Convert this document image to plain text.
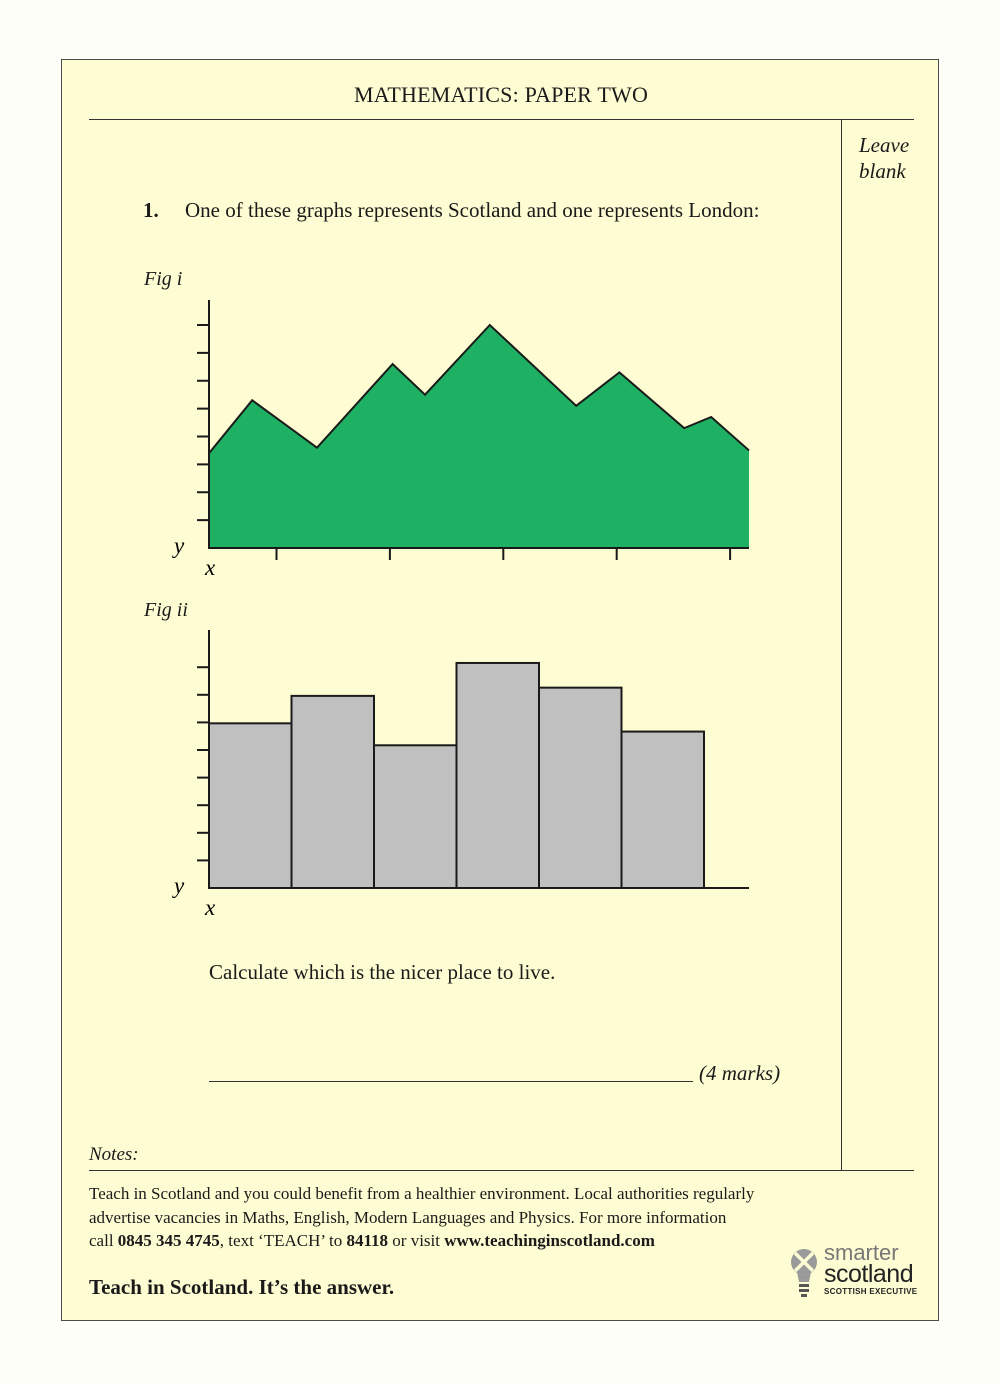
MATHEMATICS: PAPER TWO
Leave
blank
1. One of these graphs represents Scotland and one represents London:
Fig i
y
x
Fig ii
y
x
Calculate which is the nicer place to live.
(4 marks)
Notes:
Teach in Scotland and you could benefit from a healthier environment. Local authorities regularly
advertise vacancies in Maths, English, Modern Languages and Physics. For more information
call 0845 345 4745, text ‘TEACH’ to 84118 or visit www.teachinginscotland.com
Teach in Scotland. It’s the answer.
smarter
scotland
SCOTTISH EXECUTIVE
